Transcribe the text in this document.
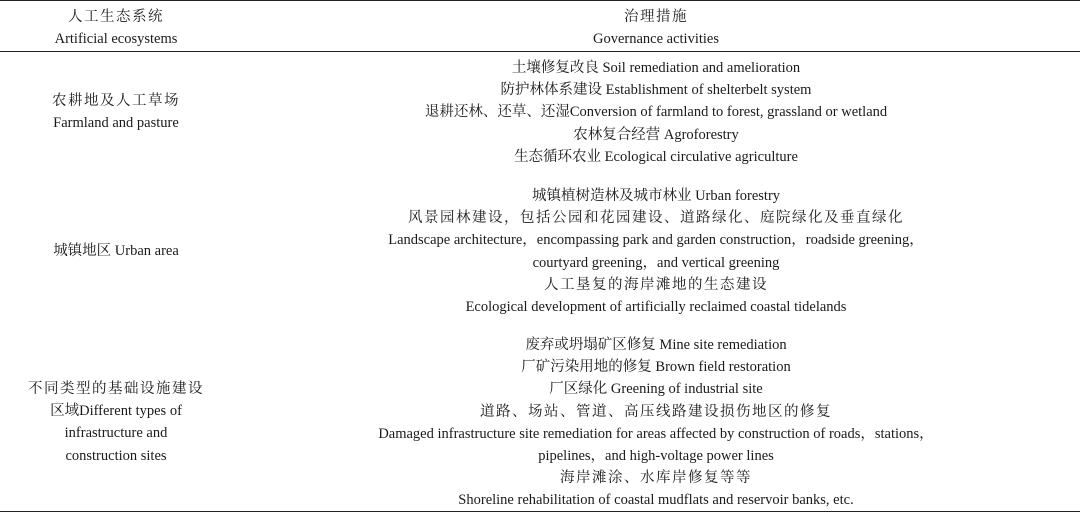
人工生态系统
Artificial ecosystems
治理措施
Governance activities
农耕地及人工草场
Farmland and pasture
土壤修复改良 Soil remediation and amelioration
防护林体系建设 Establishment of shelterbelt system
退耕还林、还草、还湿Conversion of farmland to forest, grassland or wetland
农林复合经营 Agroforestry
生态循环农业 Ecological circulative agriculture
城镇地区 Urban area
城镇植树造林及城市林业 Urban forestry
风景园林建设，包括公园和花园建设、道路绿化、庭院绿化及垂直绿化
Landscape architecture，encompassing park and garden construction，roadside greening，
courtyard greening，and vertical greening
人工垦复的海岸滩地的生态建设
Ecological development of artificially reclaimed coastal tidelands
不同类型的基础设施建设
区域Different types of
infrastructure and
construction sites
废弃或坍塌矿区修复 Mine site remediation
厂矿污染用地的修复 Brown field restoration
厂区绿化 Greening of industrial site
道路、场站、管道、高压线路建设损伤地区的修复
Damaged infrastructure site remediation for areas affected by construction of roads，stations，
pipelines，and high-voltage power lines
海岸滩涂、水库岸修复等等
Shoreline rehabilitation of coastal mudflats and reservoir banks, etc.
